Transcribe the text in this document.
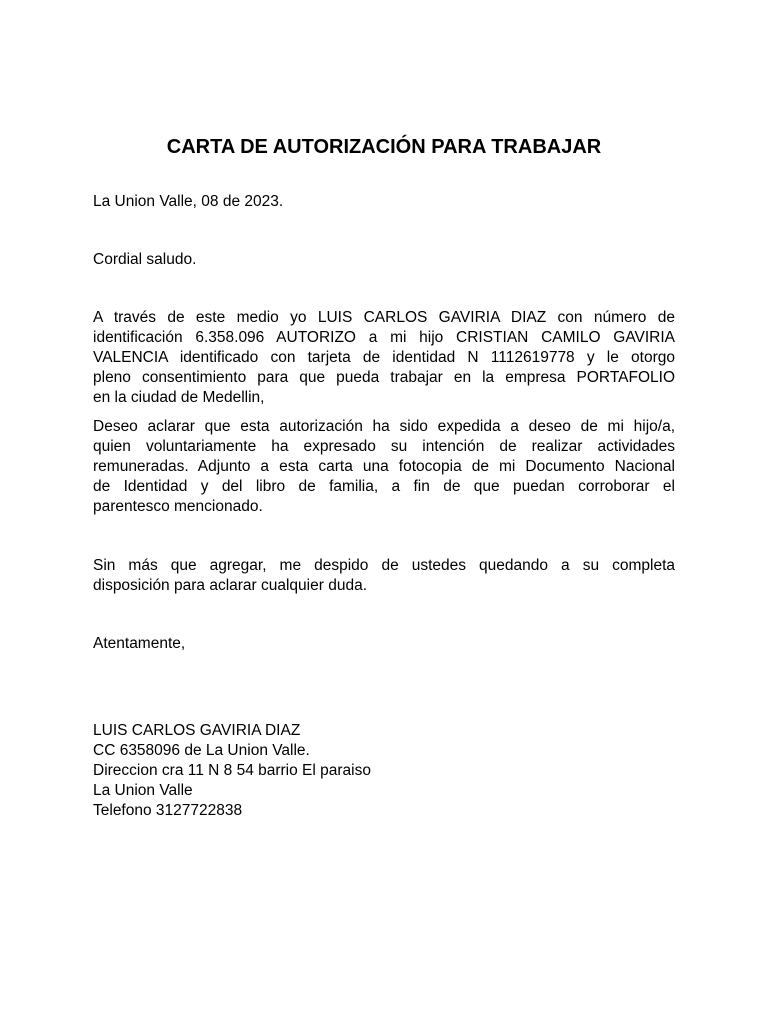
CARTA DE AUTORIZACIÓN PARA TRABAJAR

La Union Valle, 08 de 2023.

Cordial saludo.

A través de este medio yo LUIS CARLOS GAVIRIA DIAZ con número de
identificación 6.358.096 AUTORIZO a mi hijo CRISTIAN CAMILO GAVIRIA
VALENCIA identificado con tarjeta de identidad N 1112619778 y le otorgo
pleno consentimiento para que pueda trabajar en la empresa PORTAFOLIO
en la ciudad de Medellin,
Deseo aclarar que esta autorización ha sido expedida a deseo de mi hijo/a,
quien voluntariamente ha expresado su intención de realizar actividades
remuneradas. Adjunto a esta carta una fotocopia de mi Documento Nacional
de Identidad y del libro de familia, a fin de que puedan corroborar el
parentesco mencionado.
Sin más que agregar, me despido de ustedes quedando a su completa
disposición para aclarar cualquier duda.

Atentamente,

LUIS CARLOS GAVIRIA DIAZ
CC 6358096 de La Union Valle.
Direccion cra 11 N 8 54 barrio El paraiso
La Union Valle
Telefono 3127722838
